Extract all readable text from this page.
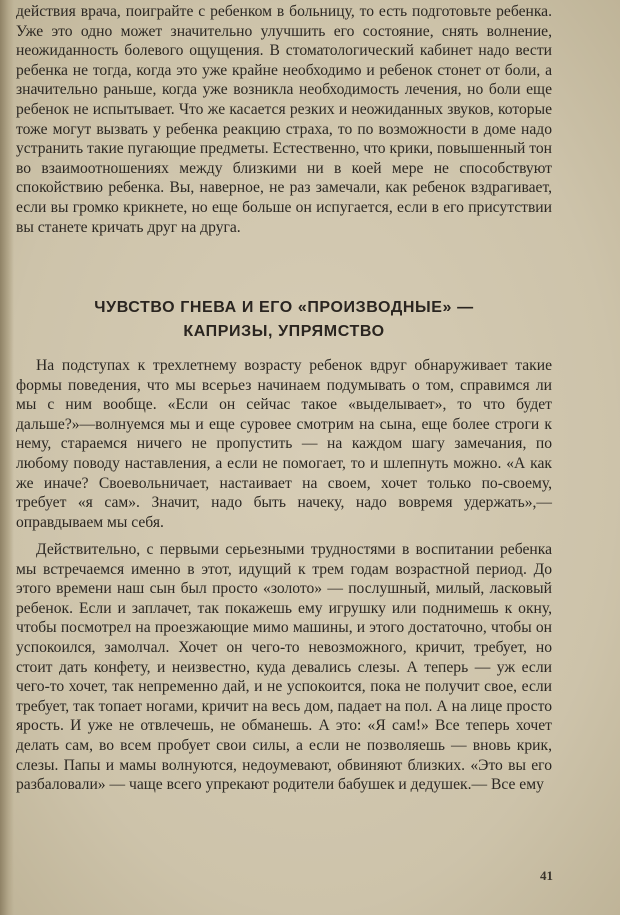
действия врача, поиграйте с ребенком в больницу, то есть подготовьте ребенка. Уже это одно может значительно улучшить его состояние, снять волнение, неожиданность болевого ощущения. В стоматологический кабинет надо вести ребенка не тогда, когда это уже крайне необходимо и ребенок стонет от боли, а значительно раньше, когда уже возникла необходимость лечения, но боли еще ребенок не испытывает. Что же касается резких и неожиданных звуков, которые тоже могут вызвать у ребенка реакцию страха, то по возможности в доме надо устранить такие пугающие предметы. Естественно, что крики, повышенный тон во взаимоотношениях между близкими ни в коей мере не способствуют спокойствию ребенка. Вы, наверное, не раз замечали, как ребенок вздрагивает, если вы громко крикнете, но еще больше он испугается, если в его присутствии вы станете кричать друг на друга.

ЧУВСТВО ГНЕВА И ЕГО «ПРОИЗВОДНЫЕ» —
КАПРИЗЫ, УПРЯМСТВО

На подступах к трехлетнему возрасту ребенок вдруг обнаруживает такие формы поведения, что мы всерьез начинаем подумывать о том, справимся ли мы с ним вообще. «Если он сейчас такое «выделывает», то что будет дальше?»—волнуемся мы и еще суровее смотрим на сына, еще более строги к нему, стараемся ничего не пропустить — на каждом шагу замечания, по любому поводу наставления, а если не помогает, то и шлепнуть можно. «А как же иначе? Своевольничает, настаивает на своем, хочет только по-своему, требует «я сам». Значит, надо быть начеку, надо вовремя удержать»,— оправдываем мы себя.

Действительно, с первыми серьезными трудностями в воспитании ребенка мы встречаемся именно в этот, идущий к трем годам возрастной период. До этого времени наш сын был просто «золото» — послушный, милый, ласковый ребенок. Если и заплачет, так покажешь ему игрушку или поднимешь к окну, чтобы посмотрел на проезжающие мимо машины, и этого достаточно, чтобы он успокоился, замолчал. Хочет он чего-то невозможного, кричит, требует, но стоит дать конфету, и неизвестно, куда девались слезы. А теперь — уж если чего-то хочет, так непременно дай, и не успокоится, пока не получит свое, если требует, так топает ногами, кричит на весь дом, падает на пол. А на лице просто ярость. И уже не отвлечешь, не обманешь. А это: «Я сам!» Все теперь хочет делать сам, во всем пробует свои силы, а если не позволяешь — вновь крик, слезы. Папы и мамы волнуются, недоумевают, обвиняют близких. «Это вы его разбаловали» — чаще всего упрекают родители бабушек и дедушек.— Все ему

41
